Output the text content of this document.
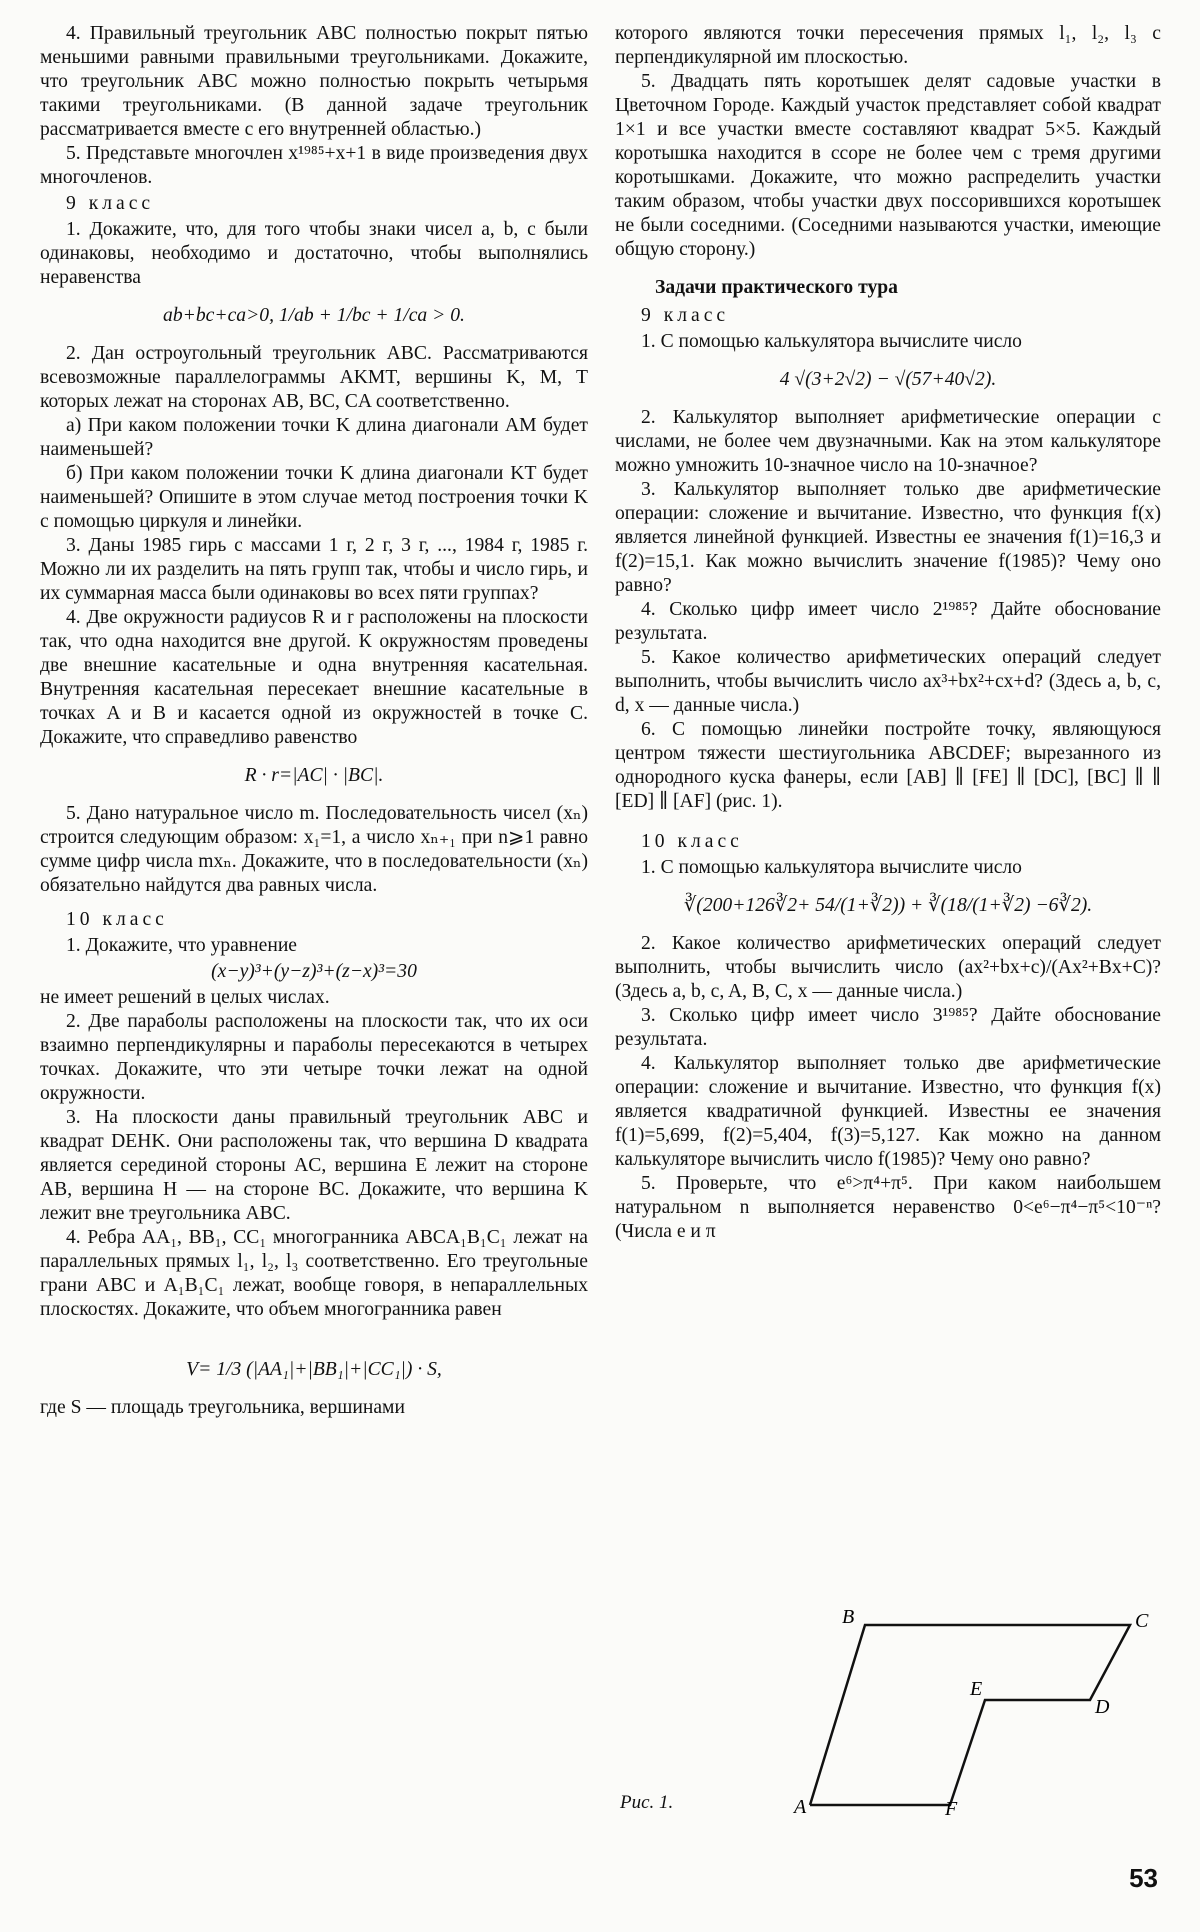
4. Правильный треугольник ABC полностью покрыт пятью меньшими равными правильными треугольниками. Докажите, что треугольник ABC можно полностью покрыть четырьмя такими треугольниками. (В данной задаче треугольник рассматривается вместе с его внутренней областью.)

5. Представьте многочлен x¹⁹⁸⁵+x+1 в виде произведения двух многочленов.

9 класс

1. Докажите, что, для того чтобы знаки чисел a, b, c были одинаковы, необходимо и достаточно, чтобы выполнялись неравенства

ab+bc+ca>0, 1/ab + 1/bc + 1/ca > 0.

2. Дан остроугольный треугольник ABC. Рассматриваются всевозможные параллелограммы AKMT, вершины K, M, T которых лежат на сторонах AB, BC, CA соответственно.

а) При каком положении точки K длина диагонали AM будет наименьшей?

б) При каком положении точки K длина диагонали KT будет наименьшей? Опишите в этом случае метод построения точки K с помощью циркуля и линейки.

3. Даны 1985 гирь с массами 1 г, 2 г, 3 г, ..., 1984 г, 1985 г. Можно ли их разделить на пять групп так, чтобы и число гирь, и их суммарная масса были одинаковы во всех пяти группах?

4. Две окружности радиусов R и r расположены на плоскости так, что одна находится вне другой. К окружностям проведены две внешние касательные и одна внутренняя касательная. Внутренняя касательная пересекает внешние касательные в точках A и B и касается одной из окружностей в точке C. Докажите, что справедливо равенство

R · r=|AC| · |BC|.

5. Дано натуральное число m. Последовательность чисел (xₙ) строится следующим образом: x₁=1, а число xₙ₊₁ при n⩾1 равно сумме цифр числа mxₙ. Докажите, что в последовательности (xₙ) обязательно найдутся два равных числа.

10 класс

1. Докажите, что уравнение

(x−y)³+(y−z)³+(z−x)³=30

не имеет решений в целых числах.

2. Две параболы расположены на плоскости так, что их оси взаимно перпендикулярны и параболы пересекаются в четырех точках. Докажите, что эти четыре точки лежат на одной окружности.

3. На плоскости даны правильный треугольник ABC и квадрат DEHK. Они расположены так, что вершина D квадрата является серединой стороны AC, вершина E лежит на стороне AB, вершина H — на стороне BC. Докажите, что вершина K лежит вне треугольника ABC.

4. Ребра AA₁, BB₁, CC₁ многогранника ABCA₁B₁C₁ лежат на параллельных прямых l₁, l₂, l₃ соответственно. Его треугольные грани ABC и A₁B₁C₁ лежат, вообще говоря, в непараллельных плоскостях. Докажите, что объем многогранника равен

V= 1/3 (|AA₁|+|BB₁|+|CC₁|) · S,

где S — площадь треугольника, вершинами

которого являются точки пересечения прямых l₁, l₂, l₃ с перпендикулярной им плоскостью.

5. Двадцать пять коротышек делят садовые участки в Цветочном Городе. Каждый участок представляет собой квадрат 1×1 и все участки вместе составляют квадрат 5×5. Каждый коротышка находится в ссоре не более чем с тремя другими коротышками. Докажите, что можно распределить участки таким образом, чтобы участки двух поссорившихся коротышек не были соседними. (Соседними называются участки, имеющие общую сторону.)

Задачи практического тура

9 класс

1. С помощью калькулятора вычислите число

4 √(3+2√2) − √(57+40√2).

2. Калькулятор выполняет арифметические операции с числами, не более чем двузначными. Как на этом калькуляторе можно умножить 10-значное число на 10-значное?

3. Калькулятор выполняет только две арифметические операции: сложение и вычитание. Известно, что функция f(x) является линейной функцией. Известны ее значения f(1)=16,3 и f(2)=15,1. Как можно вычислить значение f(1985)? Чему оно равно?

4. Сколько цифр имеет число 2¹⁹⁸⁵? Дайте обоснование результата.

5. Какое количество арифметических операций следует выполнить, чтобы вычислить число ax³+bx²+cx+d? (Здесь a, b, c, d, x — данные числа.)

6. С помощью линейки постройте точку, являющуюся центром тяжести шестиугольника ABCDEF; вырезанного из однородного куска фанеры, если [AB] ∥ [FE] ∥ [DC], [BC] ∥ ∥ [ED] ∥ [AF] (рис. 1).

10 класс

1. С помощью калькулятора вычислите число

∛(200+126∛2+ 54/(1+∛2)) + ∛(18/(1+∛2) −6∛2).

2. Какое количество арифметических операций следует выполнить, чтобы вычислить число (ax²+bx+c)/(Ax²+Bx+C)? (Здесь a, b, c, A, B, C, x — данные числа.)

3. Сколько цифр имеет число 3¹⁹⁸⁵? Дайте обоснование результата.

4. Калькулятор выполняет только две арифметические операции: сложение и вычитание. Известно, что функция f(x) является квадратичной функцией. Известны ее значения f(1)=5,699, f(2)=5,404, f(3)=5,127. Как можно на данном калькуляторе вычислить число f(1985)? Чему оно равно?

5. Проверьте, что e⁶>π⁴+π⁵. При каком наибольшем натуральном n выполняется неравенство 0<e⁶−π⁴−π⁵<10⁻ⁿ? (Числа e и π

A
B	C
D
E
F
Рис. 1.
53
